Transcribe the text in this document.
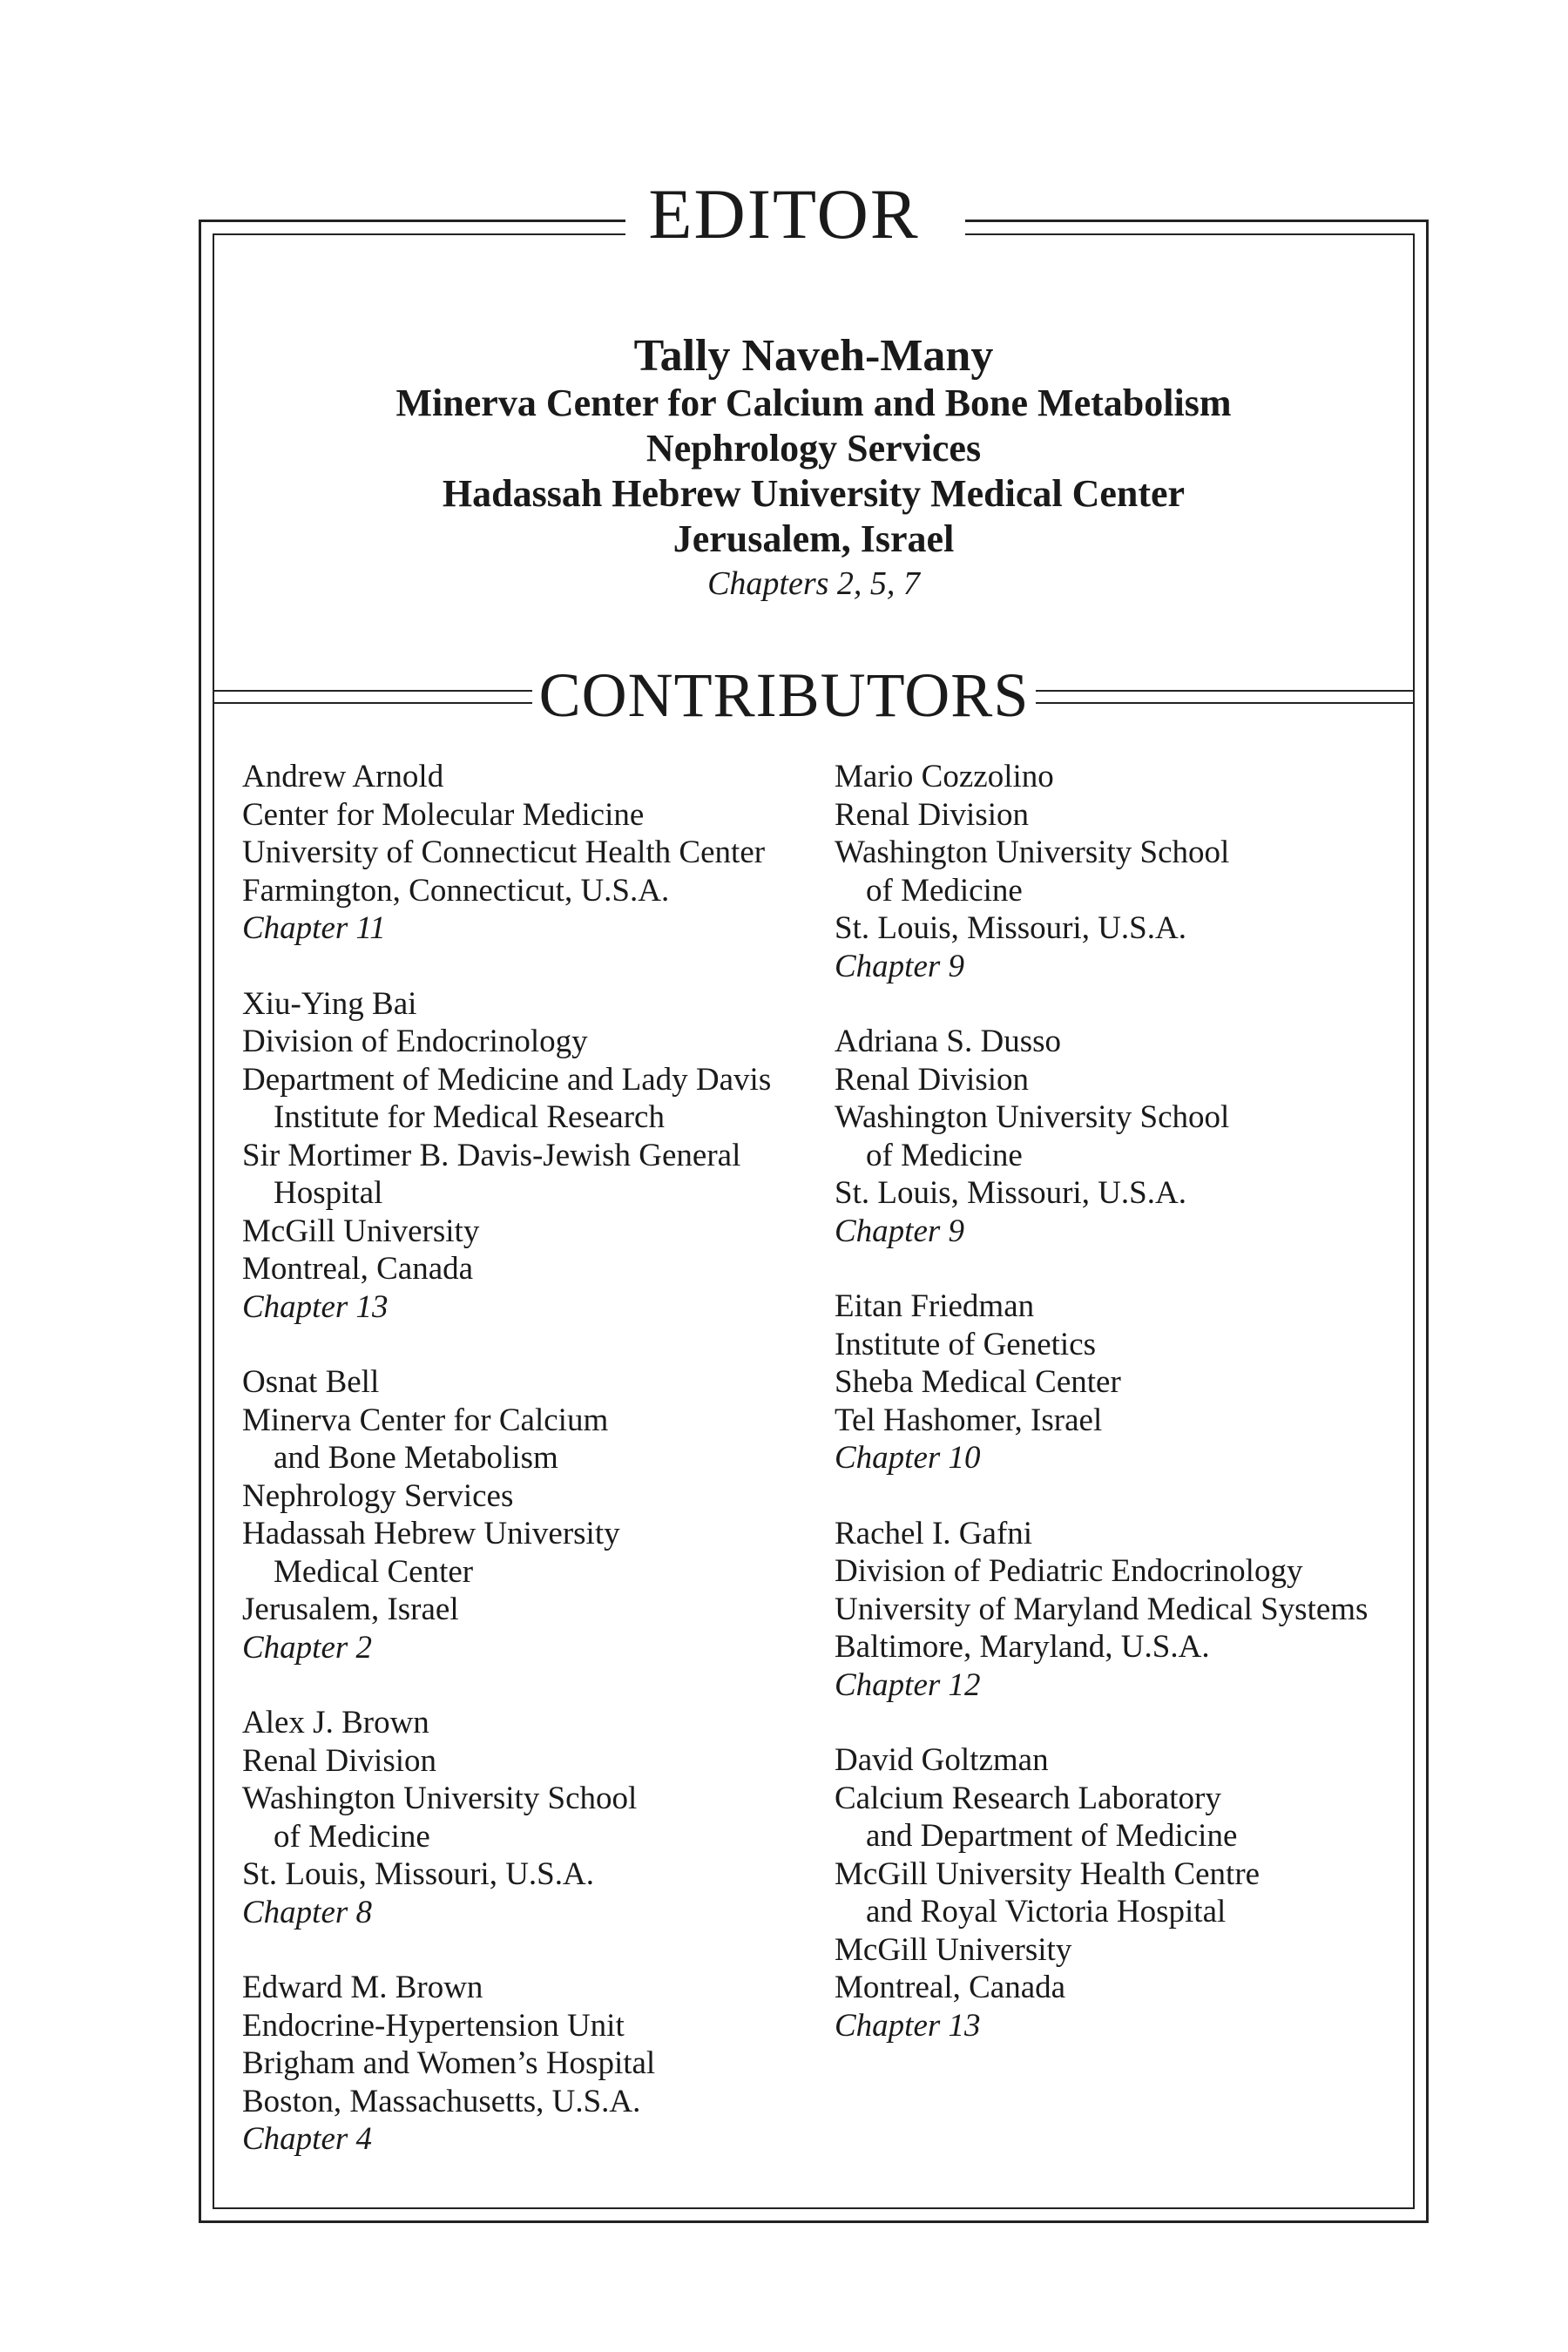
EDITOR
Tally Naveh-Many
Minerva Center for Calcium and Bone Metabolism
Nephrology Services
Hadassah Hebrew University Medical Center
Jerusalem, Israel
Chapters 2, 5, 7
CONTRIBUTORS
Andrew Arnold
Center for Molecular Medicine
University of Connecticut Health Center
Farmington, Connecticut, U.S.A.
Chapter 11
Xiu-Ying Bai
Division of Endocrinology
Department of Medicine and Lady Davis
Institute for Medical Research
Sir Mortimer B. Davis-Jewish General
Hospital
McGill University
Montreal, Canada
Chapter 13
Osnat Bell
Minerva Center for Calcium
and Bone Metabolism
Nephrology Services
Hadassah Hebrew University
Medical Center
Jerusalem, Israel
Chapter 2
Alex J. Brown
Renal Division
Washington University School
of Medicine
St. Louis, Missouri, U.S.A.
Chapter 8
Edward M. Brown
Endocrine-Hypertension Unit
Brigham and Women’s Hospital
Boston, Massachusetts, U.S.A.
Chapter 4
Mario Cozzolino
Renal Division
Washington University School
of Medicine
St. Louis, Missouri, U.S.A.
Chapter 9
Adriana S. Dusso
Renal Division
Washington University School
of Medicine
St. Louis, Missouri, U.S.A.
Chapter 9
Eitan Friedman
Institute of Genetics
Sheba Medical Center
Tel Hashomer, Israel
Chapter 10
Rachel I. Gafni
Division of Pediatric Endocrinology
University of Maryland Medical Systems
Baltimore, Maryland, U.S.A.
Chapter 12
David Goltzman
Calcium Research Laboratory
and Department of Medicine
McGill University Health Centre
and Royal Victoria Hospital
McGill University
Montreal, Canada
Chapter 13
